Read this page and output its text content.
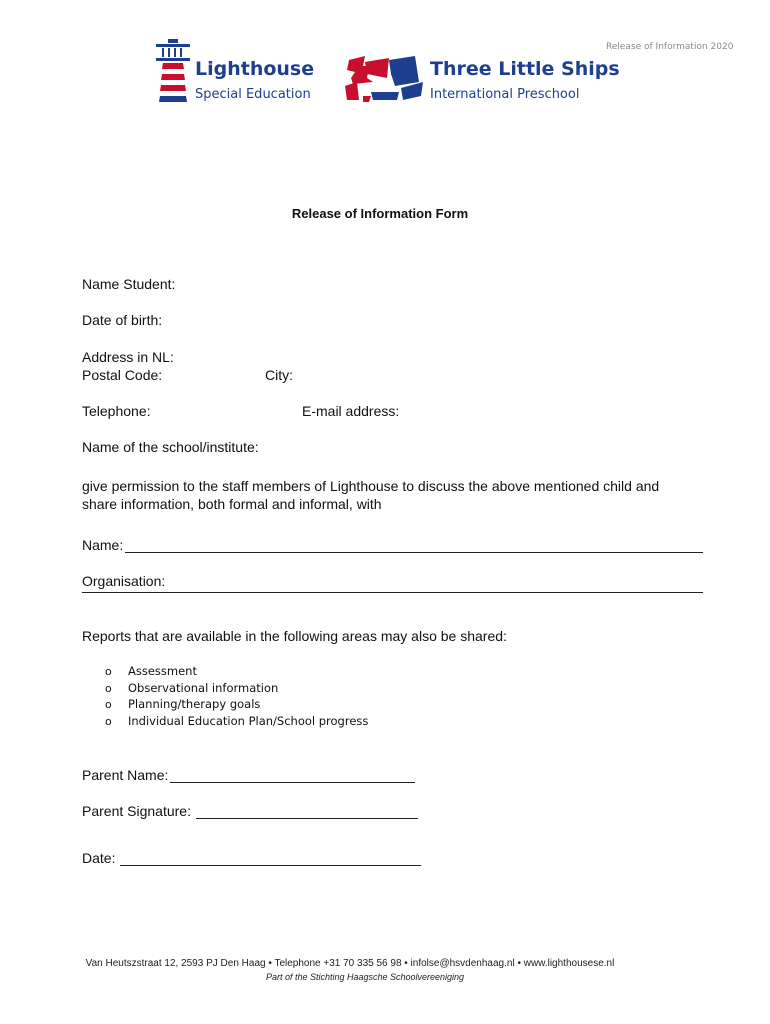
Release of Information 2020
Lighthouse
Special Education
Three Little Ships
International Preschool
Release of Information Form
Name Student:
Date of birth:
Address in NL:
Postal Code:	City:
Telephone:	E-mail address:
Name of the school/institute:
give permission to the staff members of Lighthouse to discuss the above mentioned child and share information, both formal and informal, with
Name:
Organisation:
Reports that are available in the following areas may also be shared:
o Assessment
o Observational information
o Planning/therapy goals
o Individual Education Plan/School progress
Parent Name:
Parent Signature:
Date:
Van Heutszstraat 12, 2593 PJ Den Haag • Telephone +31 70 335 56 98 • infolse@hsvdenhaag.nl • www.lighthousese.nl
Part of the Stichting Haagsche Schoolvereeniging
